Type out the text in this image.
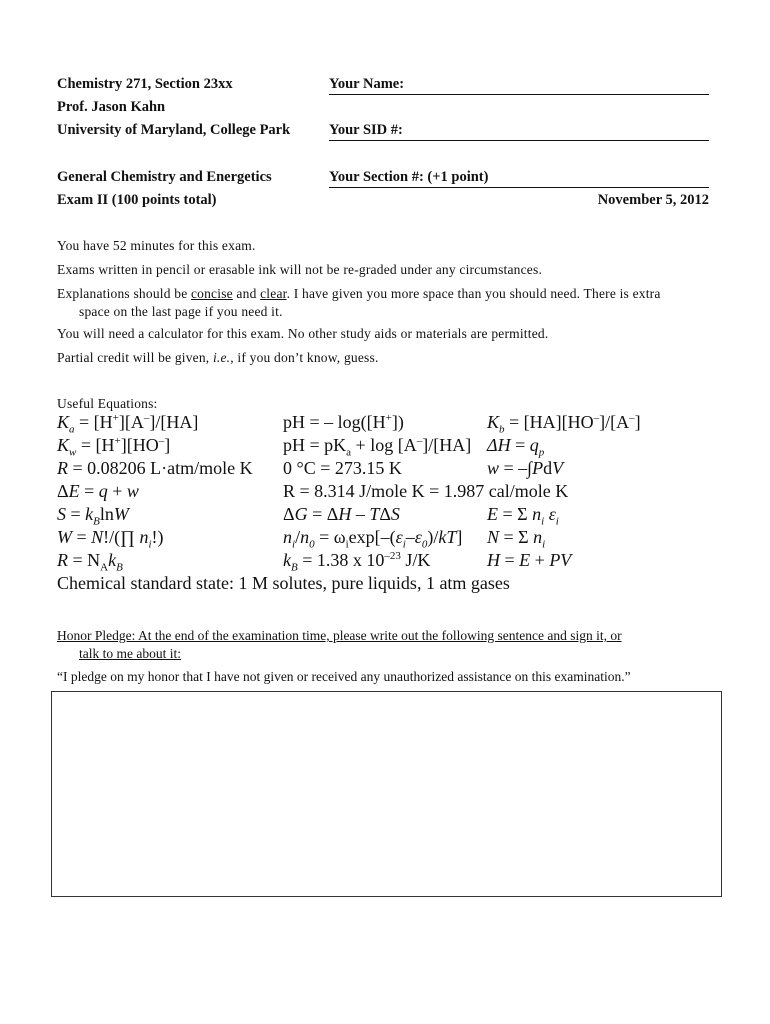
Chemistry 271, Section 23xx
Prof. Jason Kahn
University of Maryland, College Park
General Chemistry and Energetics
Exam II (100 points total)	November 5, 2012
Your Name:
Your SID #:
Your Section #: (+1 point)
You have 52 minutes for this exam.
Exams written in pencil or erasable ink will not be re-graded under any circumstances.
Explanations should be concise and clear. I have given you more space than you should need. There is extra
space on the last page if you need it.
You will need a calculator for this exam. No other study aids or materials are permitted.
Partial credit will be given, i.e., if you don’t know, guess.
Useful Equations:
$K_a = [H^+][A^-]/[HA]$
$K_w = [H^+][HO^-]$
R = 0.08206 L·atm/mole K
ΔE = q + w
$S = k_B\ln W$
W = N!/(∏ $n_i$!)
$R = N_Ak_B$
pH = – log([H+])
pH = $pK_a + \log [A^-]/[HA]$
0 °C = 273.15 K
R = 8.314 J/mole K = 1.987 cal/mole K
ΔG = ΔH – TΔS
$n_i/n_0 = \omega_i\exp[-(\varepsilon_i-\varepsilon_0)/kT]$
$k_B = 1.38$ x $10^{-23}$ J/K
$K_b = [HA][HO^-]/[A^-]$
$\Delta H = q_p$
w = –∫PdV
E = Σ $n_i$ $\varepsilon_i$
N = Σ $n_i$
H = E + PV
Chemical standard state: 1 M solutes, pure liquids, 1 atm gases
Honor Pledge: At the end of the examination time, please write out the following sentence and sign it, or
talk to me about it:
“I pledge on my honor that I have not given or received any unauthorized assistance on this examination.”
